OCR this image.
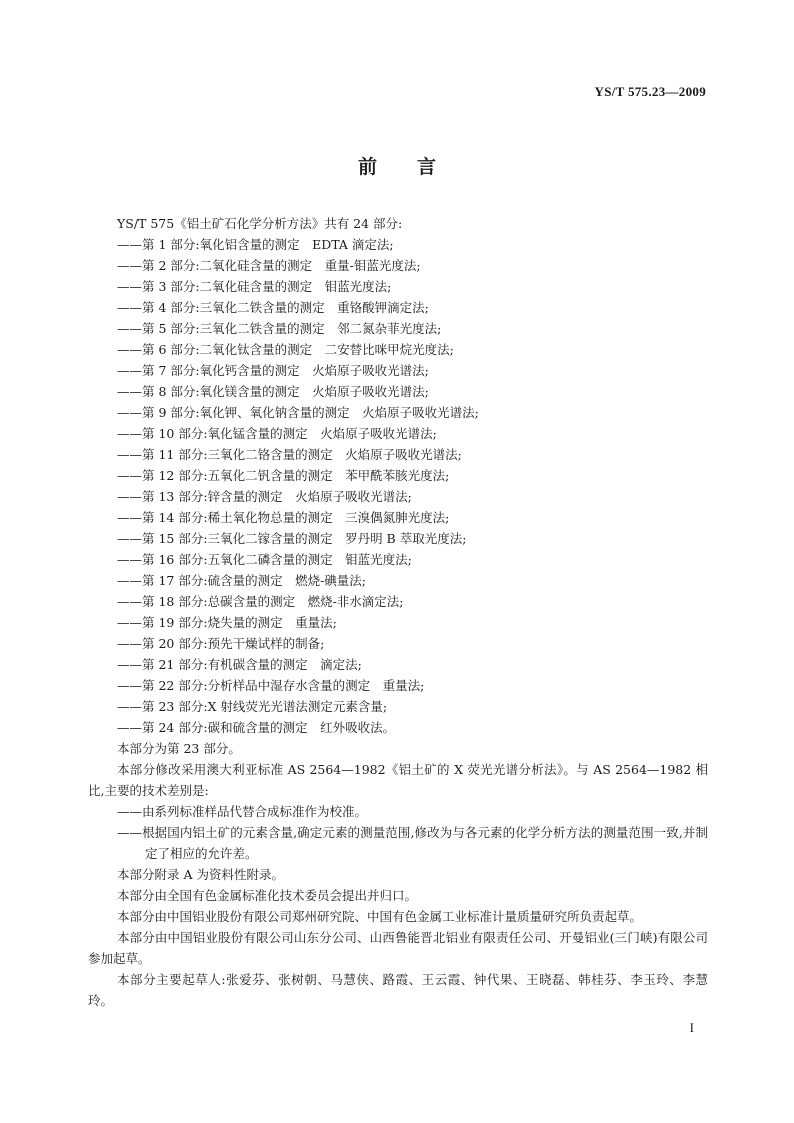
YS/T 575.23—2009
前言

YS/T 575《铝土矿石化学分析方法》共有 24 部分:

——第 1 部分:氧化铝含量的测定　EDTA 滴定法;

——第 2 部分:二氧化硅含量的测定　重量-钼蓝光度法;

——第 3 部分:二氧化硅含量的测定　钼蓝光度法;

——第 4 部分:三氧化二铁含量的测定　重铬酸钾滴定法;

——第 5 部分:三氧化二铁含量的测定　邻二氮杂菲光度法;

——第 6 部分:二氧化钛含量的测定　二安替比咪甲烷光度法;

——第 7 部分:氧化钙含量的测定　火焰原子吸收光谱法;

——第 8 部分:氧化镁含量的测定　火焰原子吸收光谱法;

——第 9 部分:氧化钾、氧化钠含量的测定　火焰原子吸收光谱法;

——第 10 部分:氧化锰含量的测定　火焰原子吸收光谱法;

——第 11 部分:三氧化二铬含量的测定　火焰原子吸收光谱法;

——第 12 部分:五氧化二钒含量的测定　苯甲酰苯胲光度法;

——第 13 部分:锌含量的测定　火焰原子吸收光谱法;

——第 14 部分:稀土氧化物总量的测定　三溴偶氮胂光度法;

——第 15 部分:三氧化二镓含量的测定　罗丹明 B 萃取光度法;

——第 16 部分:五氧化二磷含量的测定　钼蓝光度法;

——第 17 部分:硫含量的测定　燃烧-碘量法;

——第 18 部分:总碳含量的测定　燃烧-非水滴定法;

——第 19 部分:烧失量的测定　重量法;

——第 20 部分:预先干燥试样的制备;

——第 21 部分:有机碳含量的测定　滴定法;

——第 22 部分:分析样品中湿存水含量的测定　重量法;

——第 23 部分:X 射线荧光光谱法测定元素含量;

——第 24 部分:碳和硫含量的测定　红外吸收法。

本部分为第 23 部分。

本部分修改采用澳大利亚标准 AS 2564—1982《铝土矿的 X 荧光光谱分析法》。与 AS 2564—1982 相比,主要的技术差别是:

——由系列标准样品代替合成标准作为校准。

——根据国内铝土矿的元素含量,确定元素的测量范围,修改为与各元素的化学分析方法的测量范围一致,并制定了相应的允许差。

本部分附录 A 为资料性附录。

本部分由全国有色金属标准化技术委员会提出并归口。

本部分由中国铝业股份有限公司郑州研究院、中国有色金属工业标准计量质量研究所负责起草。

本部分由中国铝业股份有限公司山东分公司、山西鲁能晋北铝业有限责任公司、开曼铝业(三门峡)有限公司参加起草。

本部分主要起草人:张爱芬、张树朝、马慧侠、路霞、王云霞、钟代果、王晓磊、韩桂芬、李玉玲、李慧玲。

I
